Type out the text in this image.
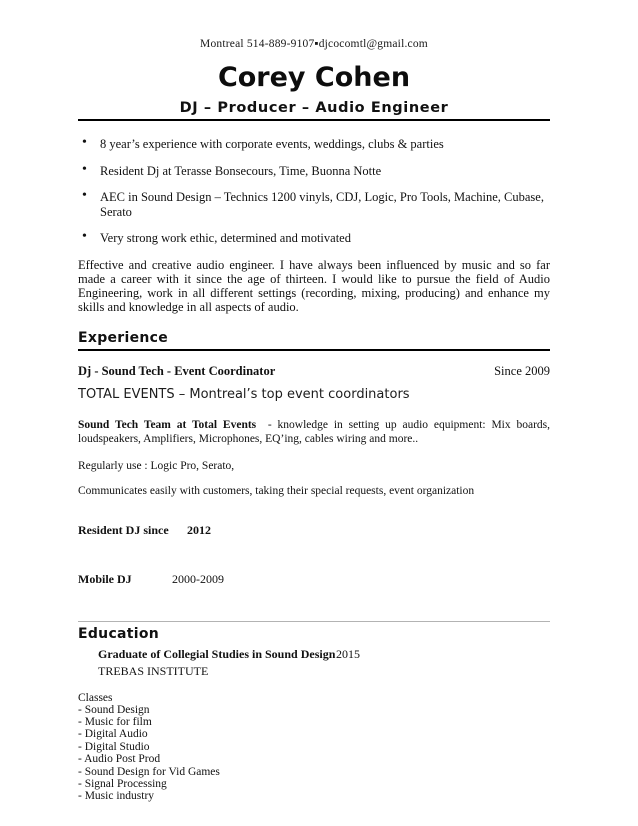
Montreal 514-889-9107▪djcocomtl@gmail.com
Corey Cohen
DJ – Producer – Audio Engineer
• 8 year’s experience with corporate events, weddings, clubs & parties
• Resident Dj at Terasse Bonsecours, Time, Buonna Notte
• AEC in Sound Design – Technics 1200 vinyls, CDJ, Logic, Pro Tools, Machine, Cubase, Serato
• Very strong work ethic, determined and motivated

Effective and creative audio engineer. I have always been influenced by music and so far made a career with it since the age of thirteen. I would like to pursue the field of Audio Engineering, work in all different settings (recording, mixing, producing) and enhance my skills and knowledge in all aspects of audio.

Experience
Dj - Sound Tech - Event Coordinator	Since 2009
TOTAL EVENTS – Montreal’s top event coordinators

Sound Tech Team at Total Events  - knowledge in setting up audio equipment: Mix boards, loudspeakers, Amplifiers, Microphones, EQ’ing, cables wiring and more..

Regularly use : Logic Pro, Serato,
Communicates easily with customers, taking their special requests, event organization
Resident DJ since 2012
Mobile DJ	2000-2009
Education
Graduate of Collegial Studies in Sound Design2015
TREBAS INSTITUTE
Classes
- Sound Design
- Music for film
- Digital Audio
- Digital Studio
- Audio Post Prod
- Sound Design for Vid Games
- Signal Processing
- Music industry
